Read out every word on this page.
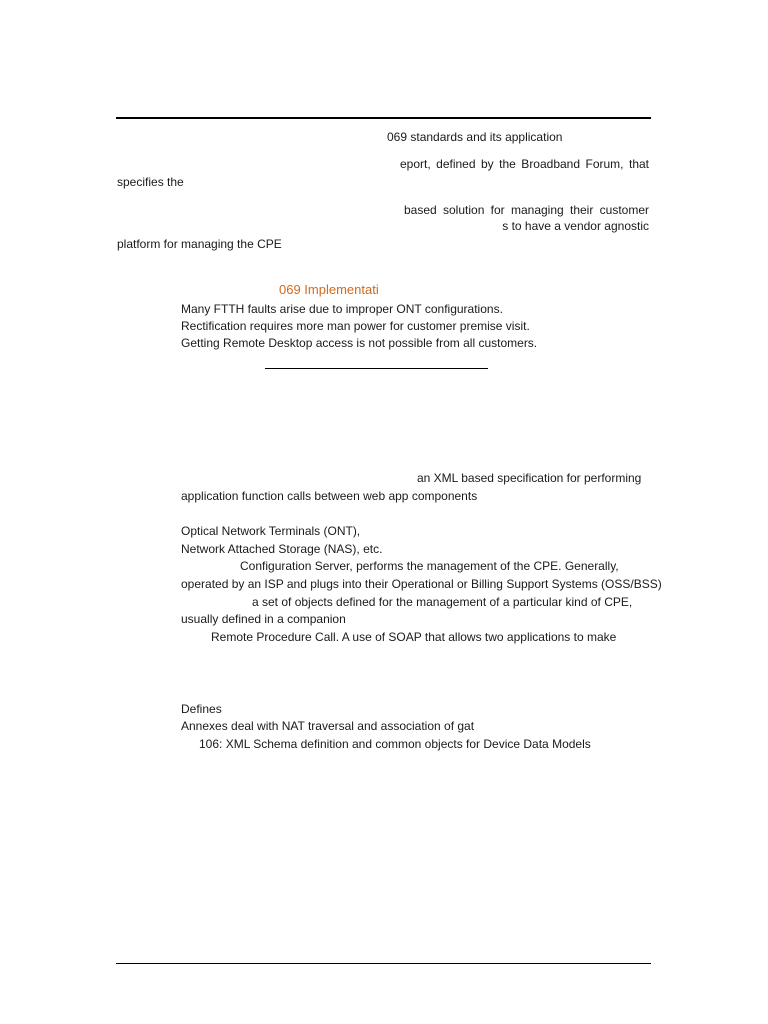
069 standards and its application
eport, defined by the Broadband Forum, that
specifies the
based solution for managing their customer
s to have a vendor agnostic
platform for managing the CPE
069 Implementati
Many FTTH faults arise due to improper ONT configurations.
Rectification requires more man power for customer premise visit.
Getting Remote Desktop access is not possible from all customers.
an XML based specification for performing
application function calls between web app components
Optical Network Terminals (ONT),
Network Attached Storage (NAS), etc.
Configuration Server, performs the management of the CPE. Generally,
operated by an ISP and plugs into their Operational or Billing Support Systems (OSS/BSS)
a set of objects defined for the management of a particular kind of CPE,
usually defined in a companion
Remote Procedure Call. A use of SOAP that allows two applications to make
Defines
Annexes deal with NAT traversal and association of gat
106: XML Schema definition and common objects for Device Data Models
